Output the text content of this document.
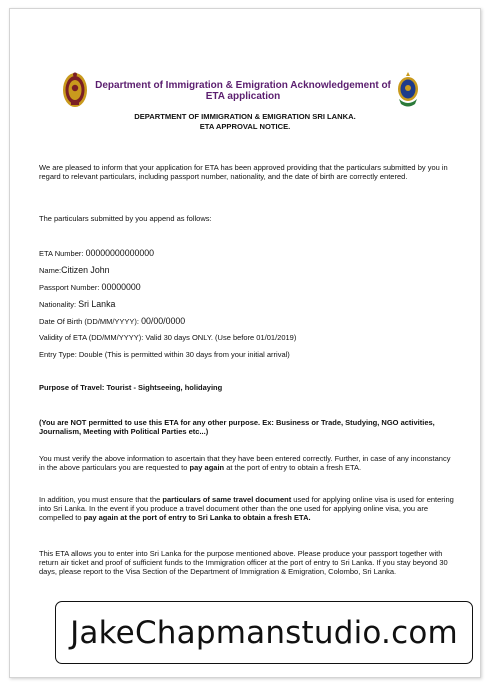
Department of Immigration & Emigration Acknowledgement of ETA application
DEPARTMENT OF IMMIGRATION & EMIGRATION SRI LANKA.
ETA APPROVAL NOTICE.
We are pleased to inform that your application for ETA has been approved providing that the particulars submitted by you in regard to relevant particulars, including passport number, nationality, and the date of birth are correctly entered.
The particulars submitted by you append as follows:
ETA Number: 00000000000000
Name:Citizen John
Passport Number: 00000000
Nationality: Sri Lanka
Date Of Birth (DD/MM/YYYY): 00/00/0000
Validity of ETA (DD/MM/YYYY): Valid 30 days ONLY. (Use before 01/01/2019)
Entry Type: Double (This is permitted within 30 days from your initial arrival)
Purpose of Travel: Tourist - Sightseeing, holidaying
(You are NOT permitted to use this ETA for any other purpose. Ex: Business or Trade, Studying, NGO activities, Journalism, Meeting with Political Parties etc...)
You must verify the above information to ascertain that they have been entered correctly. Further, in case of any inconstancy in the above particulars you are requested to pay again at the port of entry to obtain a fresh ETA.
In addition, you must ensure that the particulars of same travel document used for applying online visa is used for entering into Sri Lanka. In the event if you produce a travel document other than the one used for applying online visa, you are compelled to pay again at the port of entry to Sri Lanka to obtain a fresh ETA.
This ETA allows you to enter into Sri Lanka for the purpose mentioned above. Please produce your passport together with return air ticket and proof of sufficient funds to the Immigration officer at the port of entry to Sri Lanka. If you stay beyond 30 days, please report to the Visa Section of the Department of Immigration & Emigration, Colombo, Sri Lanka.
JakeChapmanstudio.com
